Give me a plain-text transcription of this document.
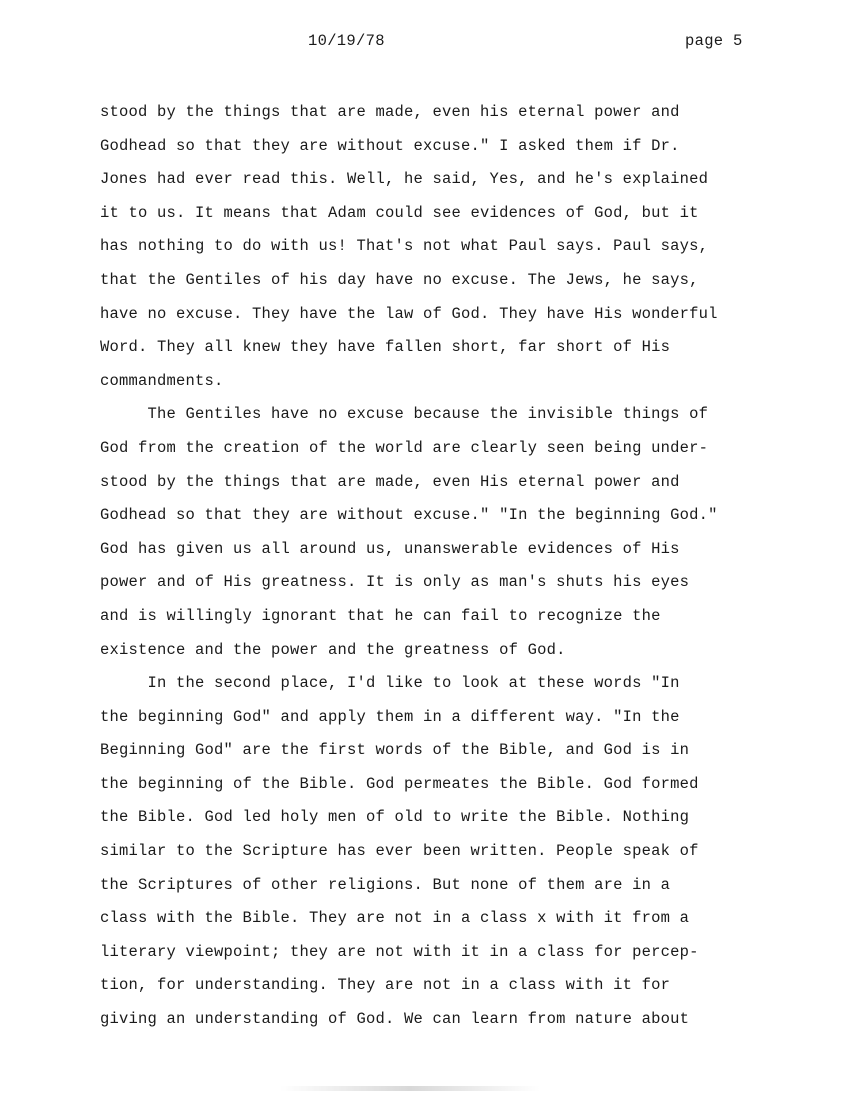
10/19/78	page 5
stood by the things that are made, even his eternal power and
Godhead so that they are without excuse." I asked them if Dr.
Jones had ever read this. Well, he said, Yes, and he's explained
it to us. It means that Adam could see evidences of God, but it
has nothing to do with us! That's not what Paul says. Paul says,
that the Gentiles of his day have no excuse. The Jews, he says,
have no excuse. They have the law of God. They have His wonderful
Word. They all knew they have fallen short, far short of His
commandments.
The Gentiles have no excuse because the invisible things of
God from the creation of the world are clearly seen being under-
stood by the things that are made, even His eternal power and
Godhead so that they are without excuse." "In the beginning God."
God has given us all around us, unanswerable evidences of His
power and of His greatness. It is only as man's shuts his eyes
and is willingly ignorant that he can fail to recognize the
existence and the power and the greatness of God.
In the second place, I'd like to look at these words "In
the beginning God" and apply them in a different way. "In the
Beginning God" are the first words of the Bible, and God is in
the beginning of the Bible. God permeates the Bible. God formed
the Bible. God led holy men of old to write the Bible. Nothing
similar to the Scripture has ever been written. People speak of
the Scriptures of other religions. But none of them are in a
class with the Bible. They are not in a class x with it from a
literary viewpoint; they are not with it in a class for percep-
tion, for understanding. They are not in a class with it for
giving an understanding of God. We can learn from nature about
